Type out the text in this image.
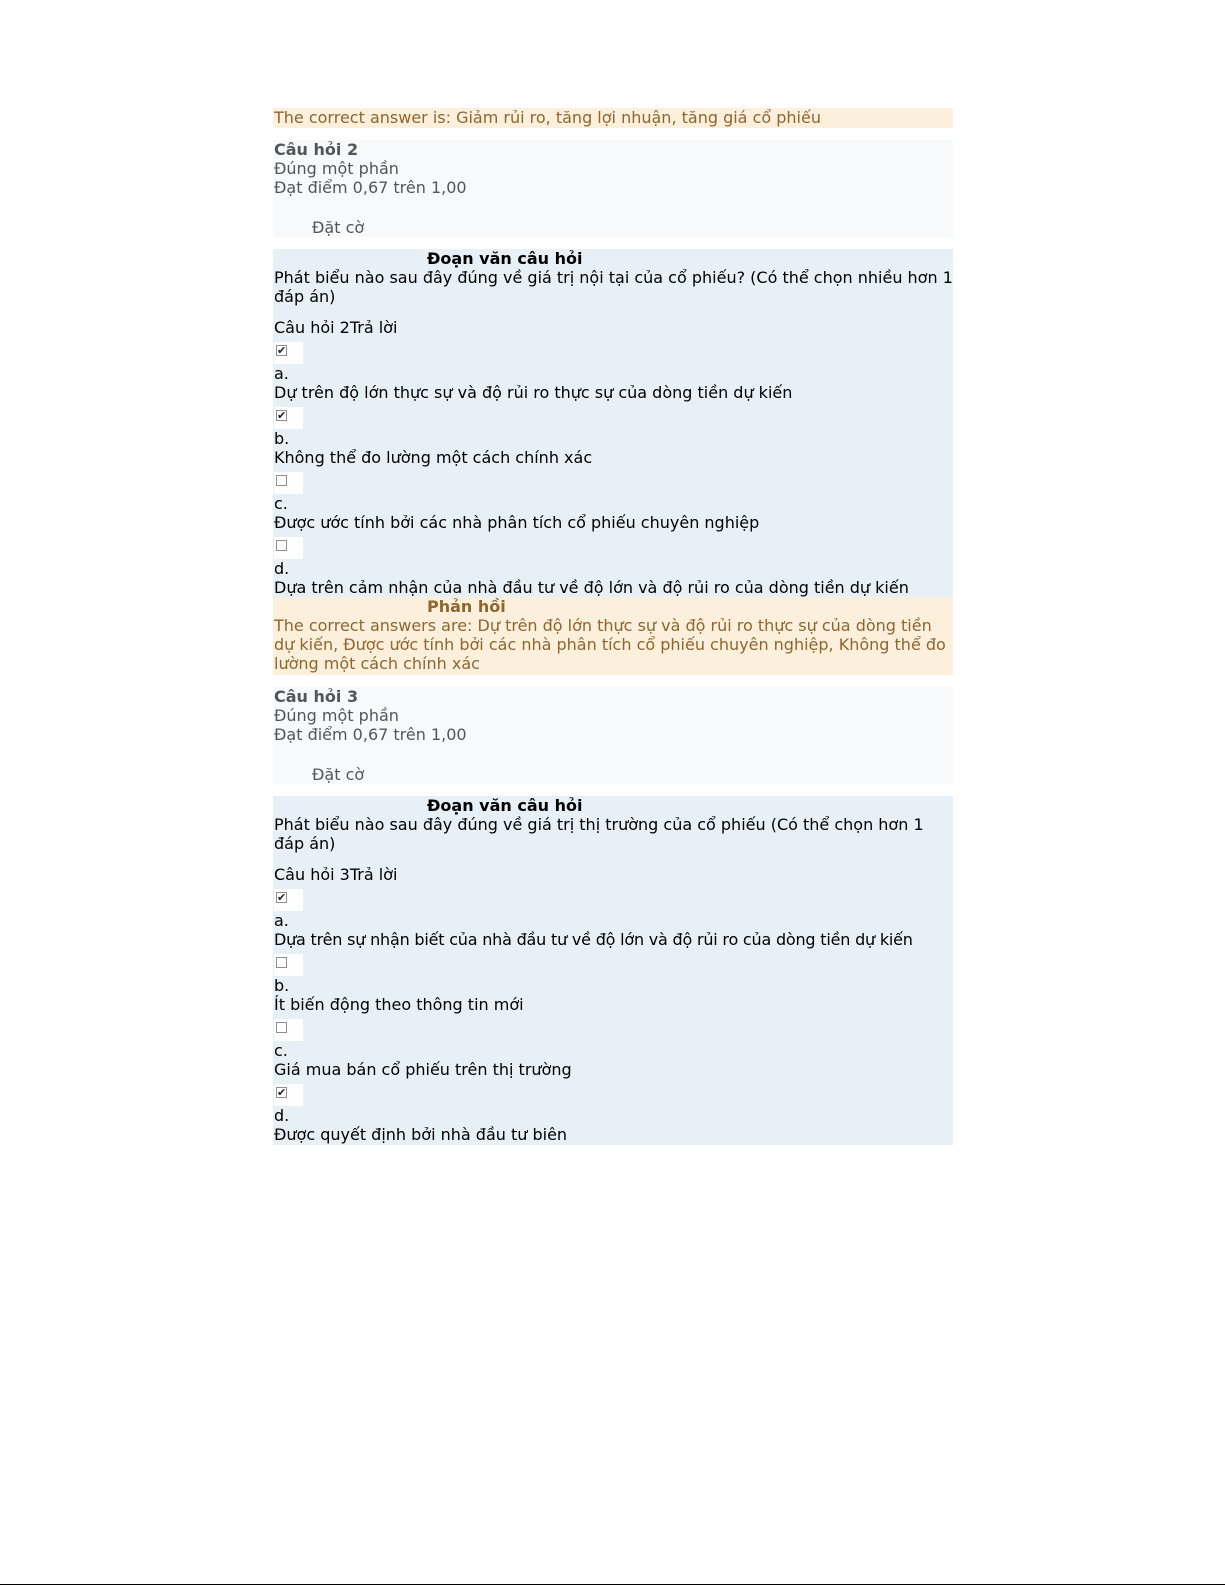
The correct answer is: Giảm rủi ro, tăng lợi nhuận, tăng giá cổ phiếu
Câu hỏi 2
Đúng một phần
Đạt điểm 0,67 trên 1,00
Đặt cờ
Đoạn văn câu hỏi
Phát biểu nào sau đây đúng về giá trị nội tại của cổ phiếu? (Có thể chọn nhiều hơn 1 đáp án)
Câu hỏi 2Trả lời
✔
a.
Dự trên độ lớn thực sự và độ rủi ro thực sự của dòng tiền dự kiến
✔
b.
Không thể đo lường một cách chính xác
c.
Được ước tính bởi các nhà phân tích cổ phiếu chuyên nghiệp
d.
Dựa trên cảm nhận của nhà đầu tư về độ lớn và độ rủi ro của dòng tiền dự kiến
Phản hồi
The correct answers are: Dự trên độ lớn thực sự và độ rủi ro thực sự của dòng tiền dự kiến, Được ước tính bởi các nhà phân tích cổ phiếu chuyên nghiệp, Không thể đo lường một cách chính xác
Câu hỏi 3
Đúng một phần
Đạt điểm 0,67 trên 1,00
Đặt cờ
Đoạn văn câu hỏi
Phát biểu nào sau đây đúng về giá trị thị trường của cổ phiếu (Có thể chọn hơn 1 đáp án)
Câu hỏi 3Trả lời
✔
a.
Dựa trên sự nhận biết của nhà đầu tư về độ lớn và độ rủi ro của dòng tiền dự kiến
b.
Ít biến động theo thông tin mới
c.
Giá mua bán cổ phiếu trên thị trường
✔
d.
Được quyết định bởi nhà đầu tư biên
